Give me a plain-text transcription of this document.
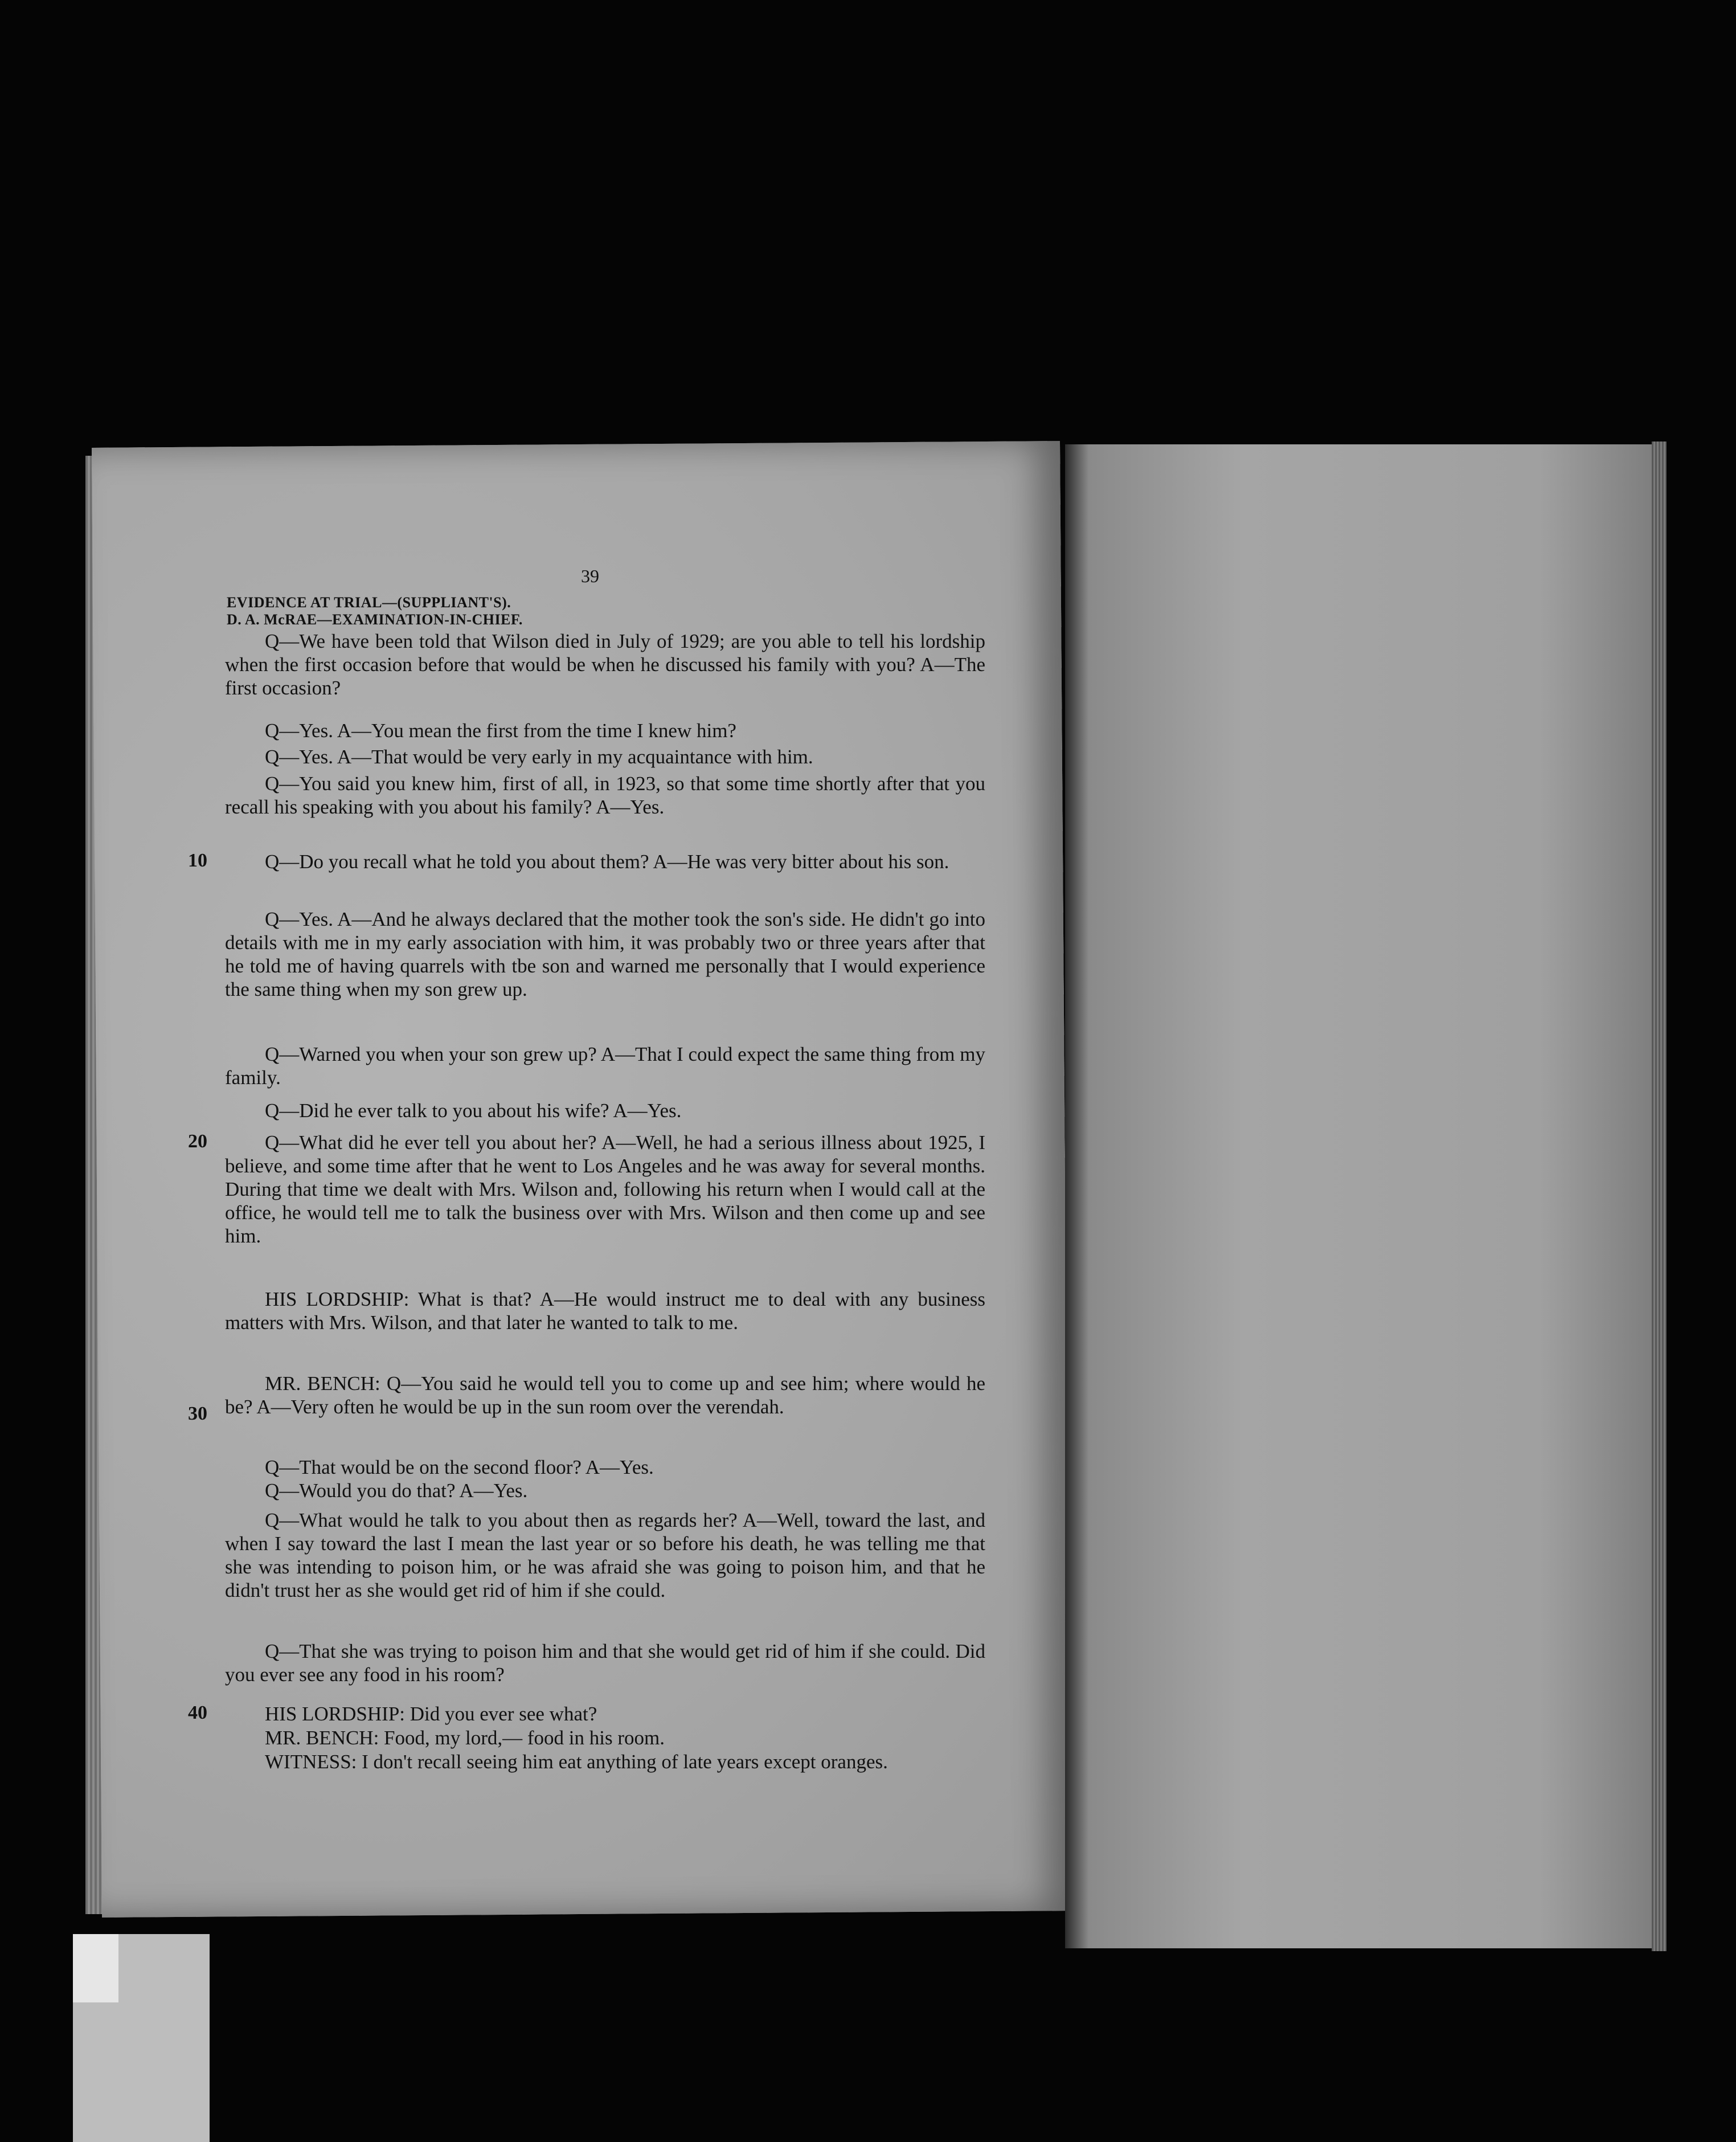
39
EVIDENCE AT TRIAL—(SUPPLIANT'S).
D. A. McRAE—EXAMINATION-IN-CHIEF.
10
20
30
40
Q—We have been told that Wilson died in July of 1929; are you able to tell his lordship when the first occasion before that would be when he discussed his family with you? A—The first occasion?
Q—Yes. A—You mean the first from the time I knew him?
Q—Yes. A—That would be very early in my acquaintance with him.
Q—You said you knew him, first of all, in 1923, so that some time shortly after that you recall his speaking with you about his family? A—Yes.
Q—Do you recall what he told you about them? A—He was very bitter about his son.
Q—Yes. A—And he always declared that the mother took the son's side. He didn't go into details with me in my early association with him, it was probably two or three years after that he told me of having quarrels with tbe son and warned me personally that I would experience the same thing when my son grew up.
Q—Warned you when your son grew up? A—That I could expect the same thing from my family.
Q—Did he ever talk to you about his wife? A—Yes.
Q—What did he ever tell you about her? A—Well, he had a serious illness about 1925, I believe, and some time after that he went to Los Angeles and he was away for several months. During that time we dealt with Mrs. Wilson and, following his return when I would call at the office, he would tell me to talk the business over with Mrs. Wilson and then come up and see him.
HIS LORDSHIP: What is that? A—He would instruct me to deal with any business matters with Mrs. Wilson, and that later he wanted to talk to me.
MR. BENCH: Q—You said he would tell you to come up and see him; where would he be? A—Very often he would be up in the sun room over the verendah.
Q—That would be on the second floor? A—Yes.
Q—Would you do that? A—Yes.
Q—What would he talk to you about then as regards her? A—Well, toward the last, and when I say toward the last I mean the last year or so before his death, he was telling me that she was intending to poison him, or he was afraid she was going to poison him, and that he didn't trust her as she would get rid of him if she could.
Q—That she was trying to poison him and that she would get rid of him if she could. Did you ever see any food in his room?
HIS LORDSHIP: Did you ever see what?
MR. BENCH: Food, my lord,— food in his room.
WITNESS: I don't recall seeing him eat anything of late years except oranges.
